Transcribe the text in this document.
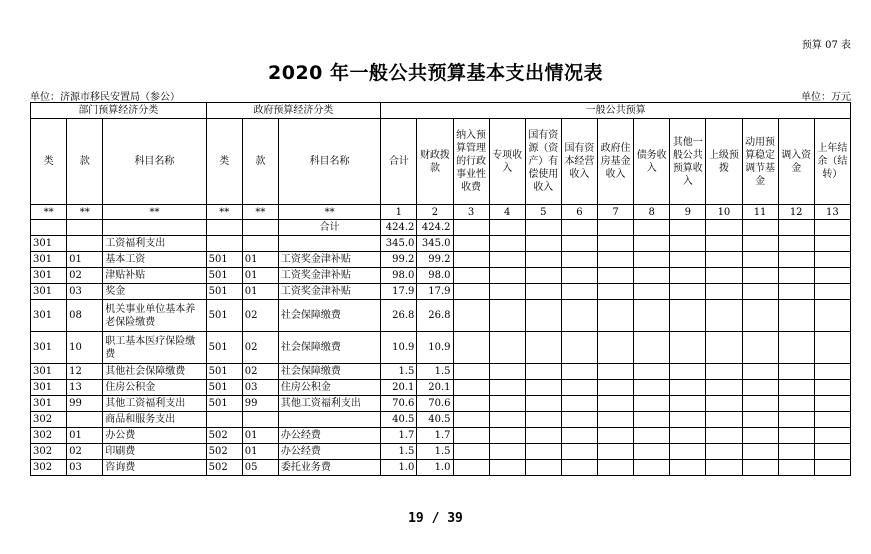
预算 07 表
2020 年一般公共预算基本支出情况表
单位：济源市移民安置局（参公）	单位：万元
部门预算经济分类			政府预算经济分类			一般公共预算												
类	款	科目名称	类	款	科目名称	合计	财政拨款	纳入预算管理的行政事业性收费	专项收入	国有资源（资产）有偿使用收入	国有资本经营收入	政府住房基金收入	债务收入	其他一般公共预算收入	上级预拨	动用预算稳定调节基金	调入资金	上年结余（结转）
**	**	**	**	**	**	1	2	3	4	5	6	7	8	9	10	11	12	13
					合计	424.2	424.2											
301		工资福利支出				345.0	345.0											
301	01	基本工资	501	01	工资奖金津补贴	99.2	99.2											
301	02	津贴补贴	501	01	工资奖金津补贴	98.0	98.0											
301	03	奖金	501	01	工资奖金津补贴	17.9	17.9											
301	08	机关事业单位基本养老保险缴费	501	02	社会保障缴费	26.8	26.8											
301	10	职工基本医疗保险缴费	501	02	社会保障缴费	10.9	10.9											
301	12	其他社会保障缴费	501	02	社会保障缴费	1.5	1.5											
301	13	住房公积金	501	03	住房公积金	20.1	20.1											
301	99	其他工资福利支出	501	99	其他工资福利支出	70.6	70.6											
302		商品和服务支出				40.5	40.5											
302	01	办公费	502	01	办公经费	1.7	1.7											
302	02	印刷费	502	01	办公经费	1.5	1.5											
302	03	咨询费	502	05	委托业务费	1.0	1.0											
19 / 39
